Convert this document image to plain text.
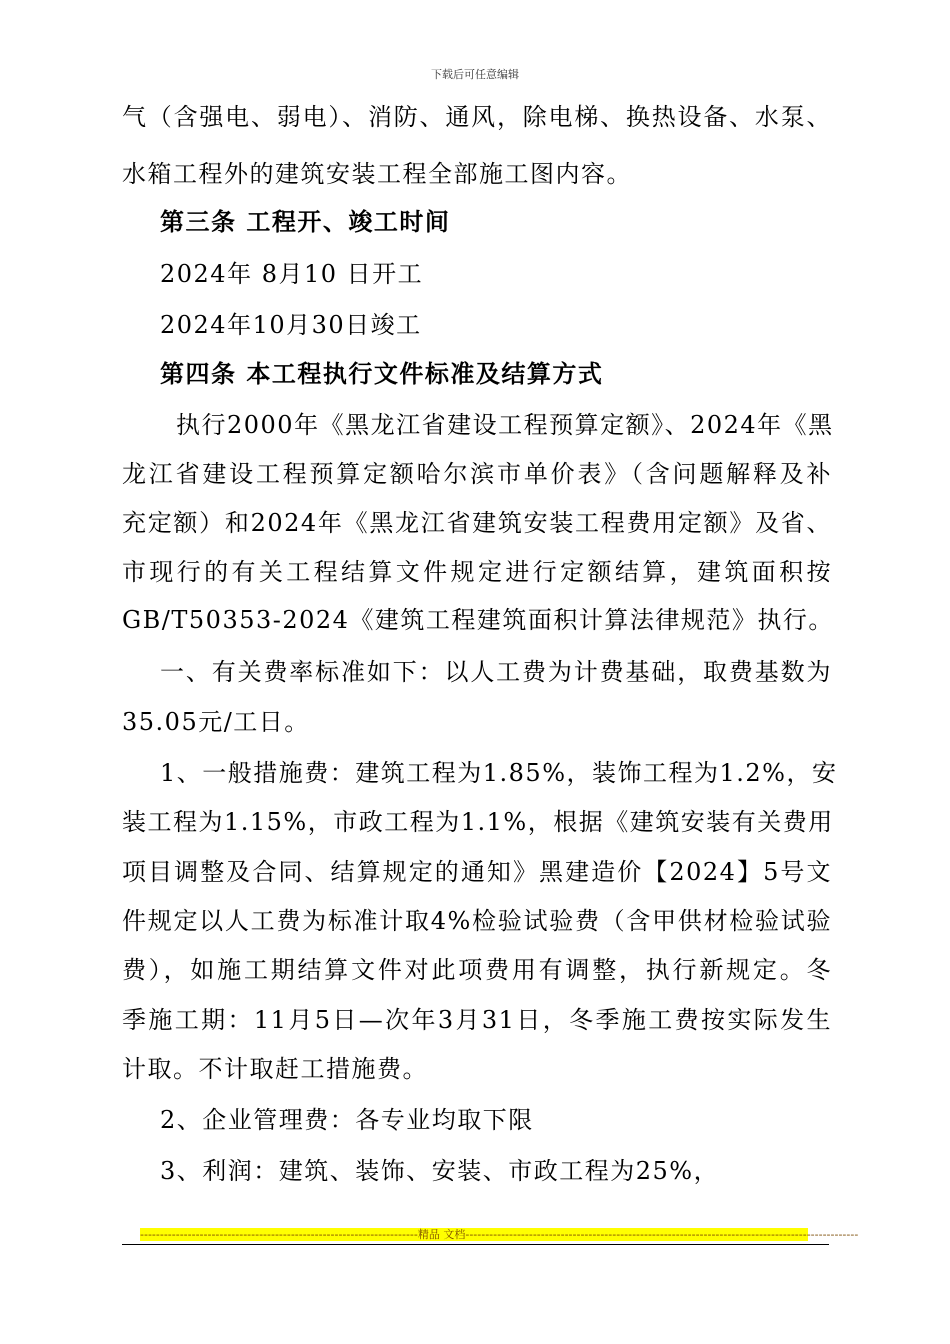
下载后可任意编辑
气（含强电、弱电）、消防、通风，除电梯、换热设备、水泵、
水箱工程外的建筑安装工程全部施工图内容。
第三条 工程开、竣工时间
2024年 8月10 日开工
2024年10月30日竣工
第四条 本工程执行文件标准及结算方式
执行2000年《黑龙江省建设工程预算定额》、2024年《黑
龙江省建设工程预算定额哈尔滨市单价表》（含问题解释及补
充定额）和2024年《黑龙江省建筑安装工程费用定额》及省、
市现行的有关工程结算文件规定进行定额结算，建筑面积按
GB/T50353-2024《建筑工程建筑面积计算法律规范》执行。
一、有关费率标准如下：以人工费为计费基础，取费基数为
35.05元/工日。
1、一般措施费：建筑工程为1.85%，装饰工程为1.2%，安
装工程为1.15%，市政工程为1.1%，根据《建筑安装有关费用
项目调整及合同、结算规定的通知》黑建造价【2024】5号文
件规定以人工费为标准计取4%检验试验费（含甲供材检验试验
费），如施工期结算文件对此项费用有调整，执行新规定。冬
季施工期：11月5日—次年3月31日，冬季施工费按实际发生
计取。不计取赶工措施费。
2、企业管理费：各专业均取下限
3、利润：建筑、装饰、安装、市政工程为25%，
----------------------------------------------------------------------精品 文档---------------------------------------------------------------------------------------------------
